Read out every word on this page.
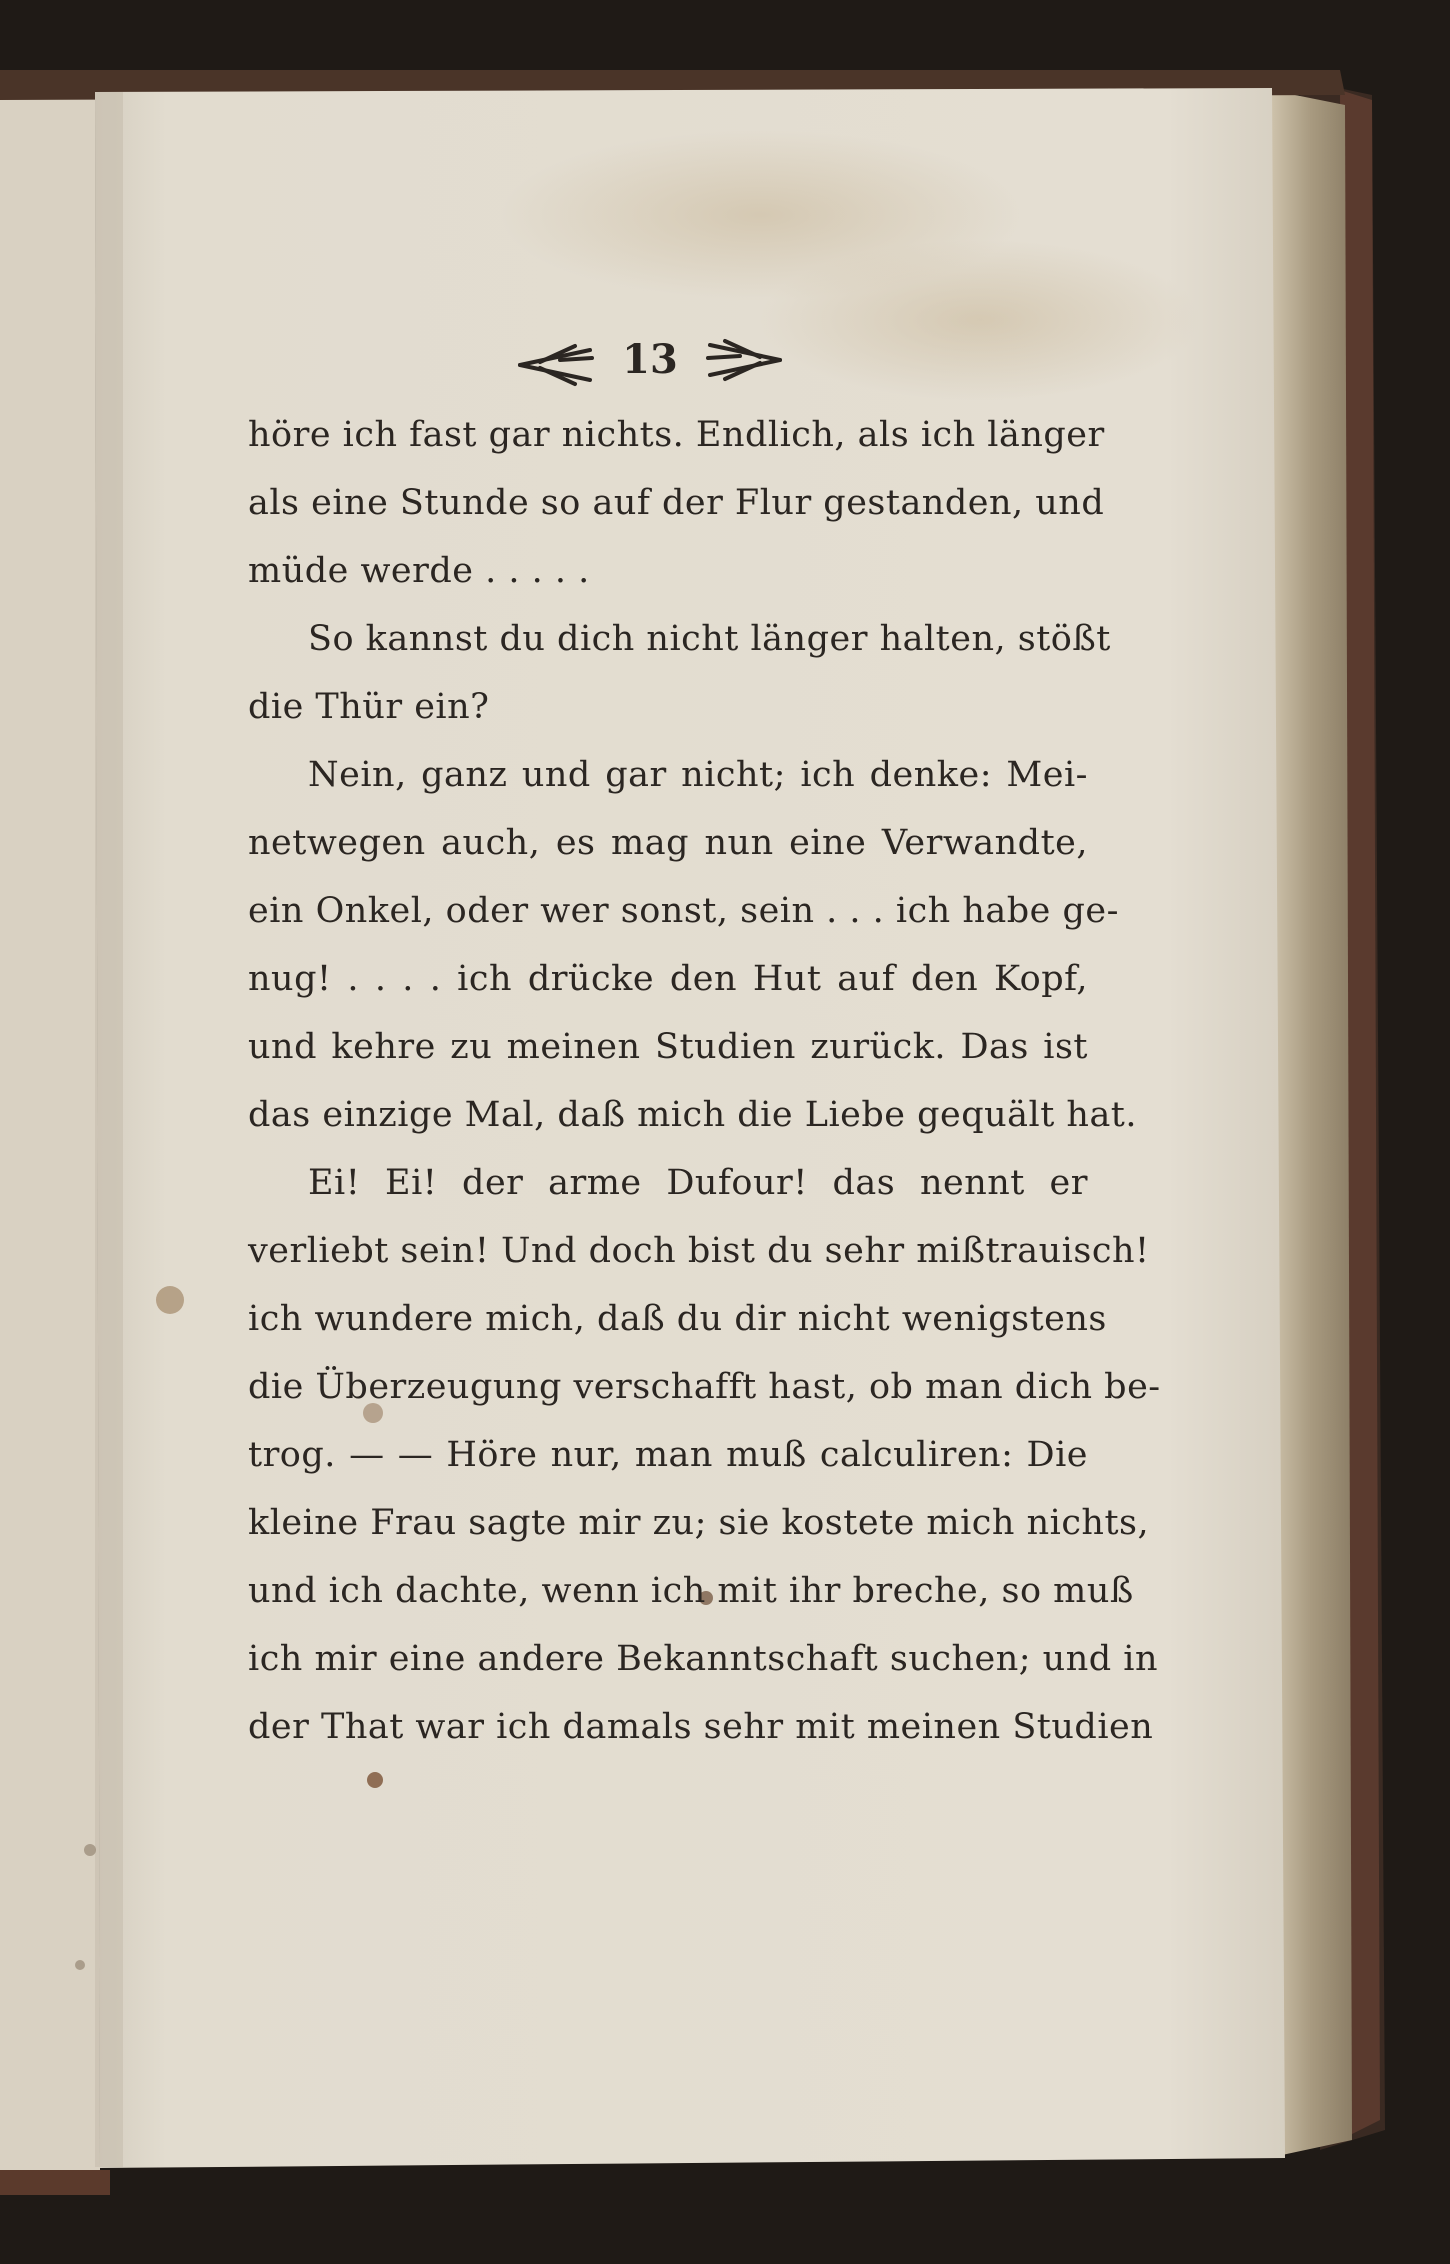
13
höre ich fast gar nichts. Endlich, als ich länger
als eine Stunde so auf der Flur gestanden, und
müde werde . . . . .
So kannst du dich nicht länger halten, stößt
die Thür ein?
Nein, ganz und gar nicht; ich denke: Mei-
netwegen auch, es mag nun eine Verwandte,
ein Onkel, oder wer sonst, sein . . . ich habe ge-
nug! . . . . ich drücke den Hut auf den Kopf,
und kehre zu meinen Studien zurück. Das ist
das einzige Mal, daß mich die Liebe gequält hat.
Ei! Ei! der arme Dufour! das nennt er
verliebt sein! Und doch bist du sehr mißtrauisch!
ich wundere mich, daß du dir nicht wenigstens
die Überzeugung verschafft hast, ob man dich be-
trog. — — Höre nur, man muß calculiren: Die
kleine Frau sagte mir zu; sie kostete mich nichts,
und ich dachte, wenn ich mit ihr breche, so muß
ich mir eine andere Bekanntschaft suchen; und in
der That war ich damals sehr mit meinen Studien
